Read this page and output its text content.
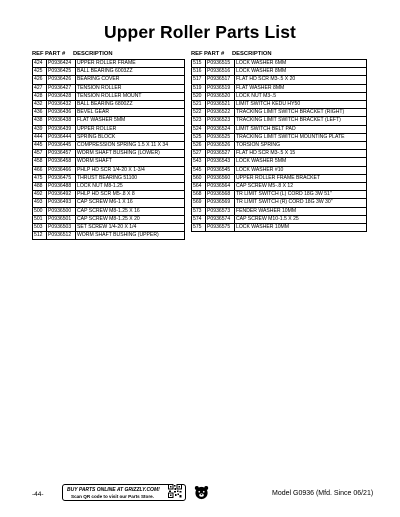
Upper Roller Parts List
REF PART #	DESCRIPTION
424	P0936424	UPPER ROLLER FRAME
425	P0936425	BALL BEARING 6003ZZ
426	P0936426	BEARING COVER
427	P0936427	TENSION ROLLER
428	P0936428	TENSION ROLLER MOUNT
432	P0936432	BALL BEARING 6800ZZ
436	P0936436	BEVEL GEAR
438	P0936438	FLAT WASHER 5MM
439	P0936439	UPPER ROLLER
444	P0936444	SPRING BLOCK
445	P0936445	COMPRESSION SPRING 1.5 X 11 X 34
457	P0936457	WORM SHAFT BUSHING (LOWER)
458	P0936458	WORM SHAFT
466	P0936466	PHLP HD SCR 1/4-20 X 1-3/4
475	P0936475	THRUST BEARING 51100
488	P0936488	LOCK NUT M8-1.25
492	P0936492	PHLP HD SCR M5-.8 X 8
493	P0936493	CAP SCREW M6-1 X 16
500	P0936500	CAP SCREW M8-1.25 X 16
501	P0936501	CAP SCREW M8-1.25 X 20
503	P0936503	SET SCREW 1/4-20 X 1/4
512	P0936512	WORM SHAFT BUSHING (UPPER)
REF PART #	DESCRIPTION
515	P0936515	LOCK WASHER 6MM
516	P0936516	LOCK WASHER 8MM
517	P0936517	FLAT HD SCR M3-.5 X 20
519	P0936519	FLAT WASHER 8MM
520	P0936520	LOCK NUT M3-.5
521	P0936521	LIMIT SWITCH KEDU HY50
522	P0936522	TRACKING LIMIT SWITCH BRACKET (RIGHT)
523	P0936523	TRACKING LIMIT SWITCH BRACKET (LEFT)
524	P0936524	LIMIT SWITCH BELT PAD
525	P0936525	TRACKING LIMIT SWITCH MOUNTING PLATE
526	P0936526	TORSION SPRING
527	P0936527	FLAT HD SCR M3-.5 X 15
543	P0936543	LOCK WASHER 5MM
545	P0936545	LOCK WASHER #10
560	P0936560	UPPER ROLLER FRAME BRACKET
564	P0936564	CAP SCREW M5-.8 X 12
568	P0936568	TR LIMIT SWITCH (L) CORD 18G 3W 51"
569	P0936569	TR LIMIT SWITCH (R) CORD 18G 3W 30"
573	P0936573	FENDER WASHER 10MM
574	P0936574	CAP SCREW M10-1.5 X 25
575	P0936575	LOCK WASHER 10MM
-44-
BUY PARTS ONLINE AT GRIZZLY.COM!
Scan QR code to visit our Parts Store.	Model G0936 (Mfd. Since 06/21)
